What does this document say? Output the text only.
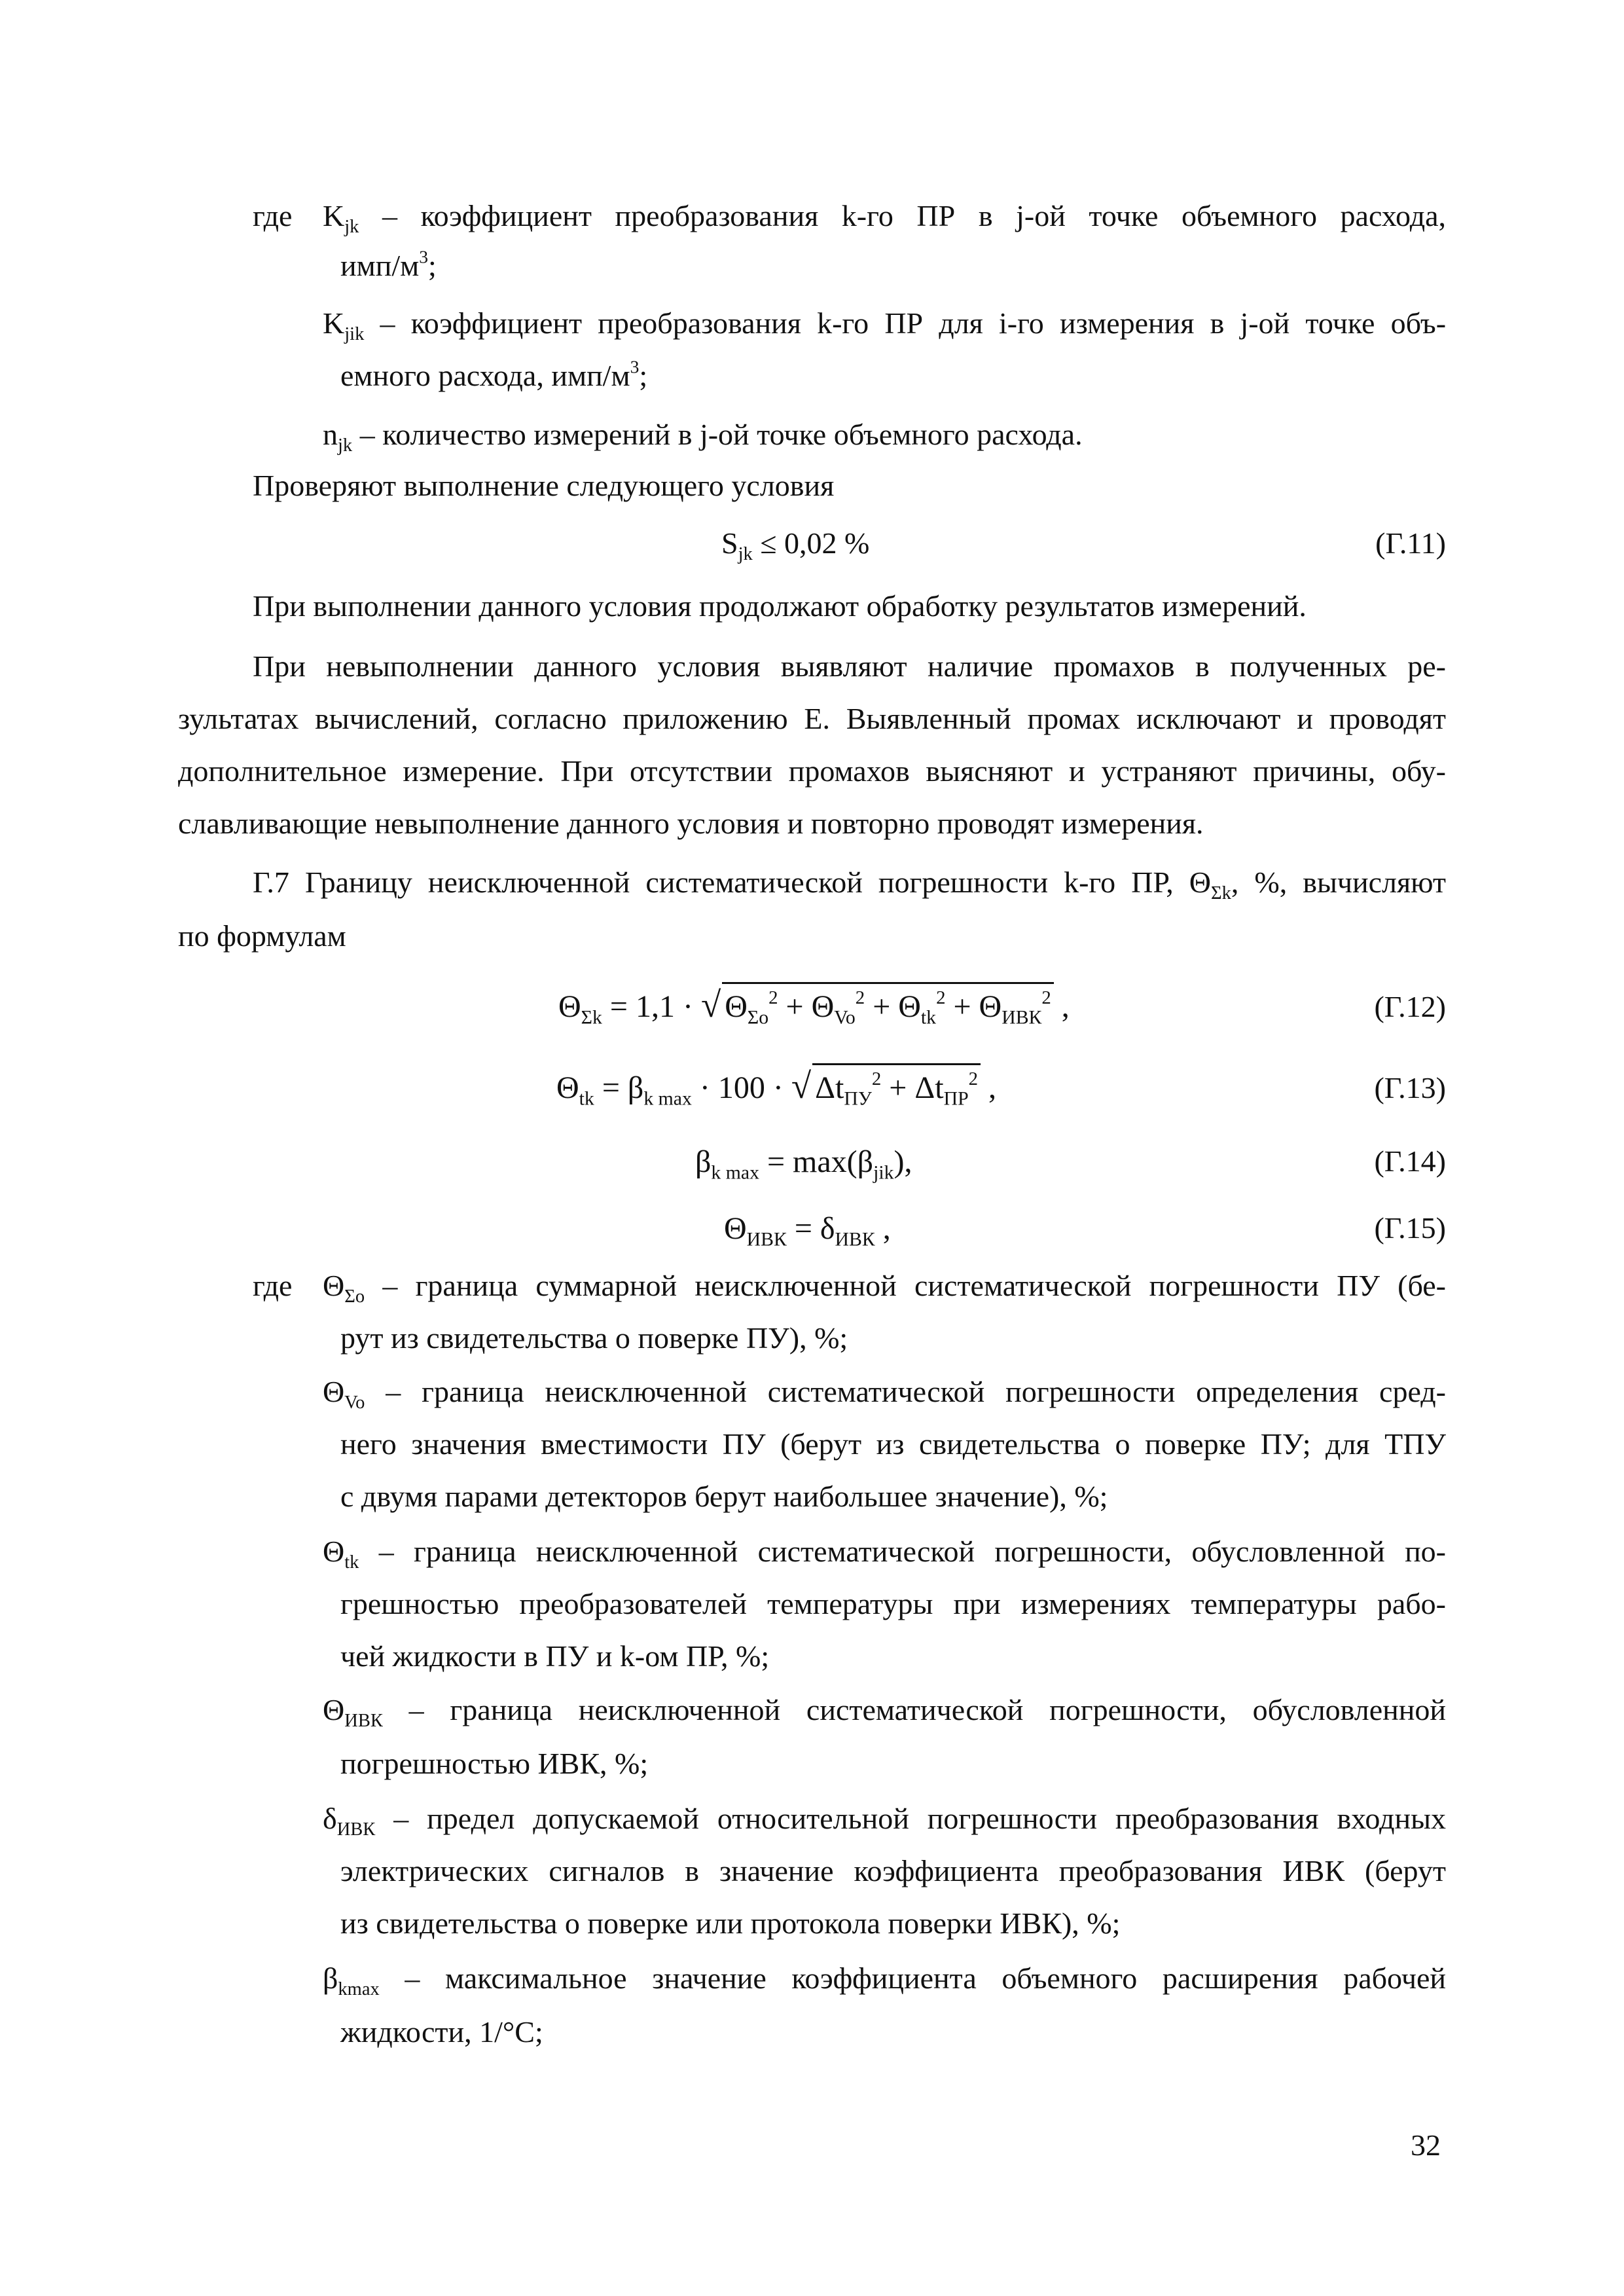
где $K_{jk}$ – коэффициент преобразования k-го ПР в j-ой точке объемного расхода,
имп/$м^3$;
$K_{jik}$ – коэффициент преобразования k-го ПР для i-го измерения в j-ой точке объ-
емного расхода, имп/$м^3$;
$n_{jk}$ – количество измерений в j-ой точке объемного расхода.
Проверяют выполнение следующего условия
$S_{jk} \le 0,02$ %	(Г.11)
При выполнении данного условия продолжают обработку результатов измерений.
При невыполнении данного условия выявляют наличие промахов в полученных ре-
зультатах вычислений, согласно приложению Е. Выявленный промах исключают и проводят
дополнительное измерение. При отсутствии промахов выясняют и устраняют причины, обу-
славливающие невыполнение данного условия и повторно проводят измерения.
Г.7 Границу неисключенной систематической погрешности k-го ПР, $\Theta_{\Sigma k}$, %, вычисляют
по формулам
$\Theta_{\Sigma k} = 1,1$ · √ $\Theta_{\Sigma o}^2 + \Theta_{Vo}^2 + \Theta_{tk}^2 + \Theta_{ИВК}^2$ ,	(Г.12)
$\Theta_{tk} = \beta_{k max} \cdot 100$ · √ $\Delta t_{ПУ}^2 + \Delta t_{ПР}^2$ ,	(Г.13)
$\beta_{k max} = \max(\beta_{jik})$,	(Г.14)
$\Theta_{ИВК} = \delta_{ИВК}$ ,	(Г.15)
где $\Theta_{\Sigma o}$ – граница суммарной неисключенной систематической погрешности ПУ (бе-
рут из свидетельства о поверке ПУ), %;
$\Theta_{Vo}$ – граница неисключенной систематической погрешности определения сред-
него значения вместимости ПУ (берут из свидетельства о поверке ПУ; для ТПУ
с двумя парами детекторов берут наибольшее значение), %;
$\Theta_{tk}$ – граница неисключенной систематической погрешности, обусловленной по-
грешностью преобразователей температуры при измерениях температуры рабо-
чей жидкости в ПУ и k-ом ПР, %;
$\Theta_{ИВК}$ – граница неисключенной систематической погрешности, обусловленной
погрешностью ИВК, %;
$\delta_{ИВК}$ – предел допускаемой относительной погрешности преобразования входных
электрических сигналов в значение коэффициента преобразования ИВК (берут
из свидетельства о поверке или протокола поверки ИВК), %;
$\beta_{kmax}$ – максимальное значение коэффициента объемного расширения рабочей
жидкости, 1/°С;
32
